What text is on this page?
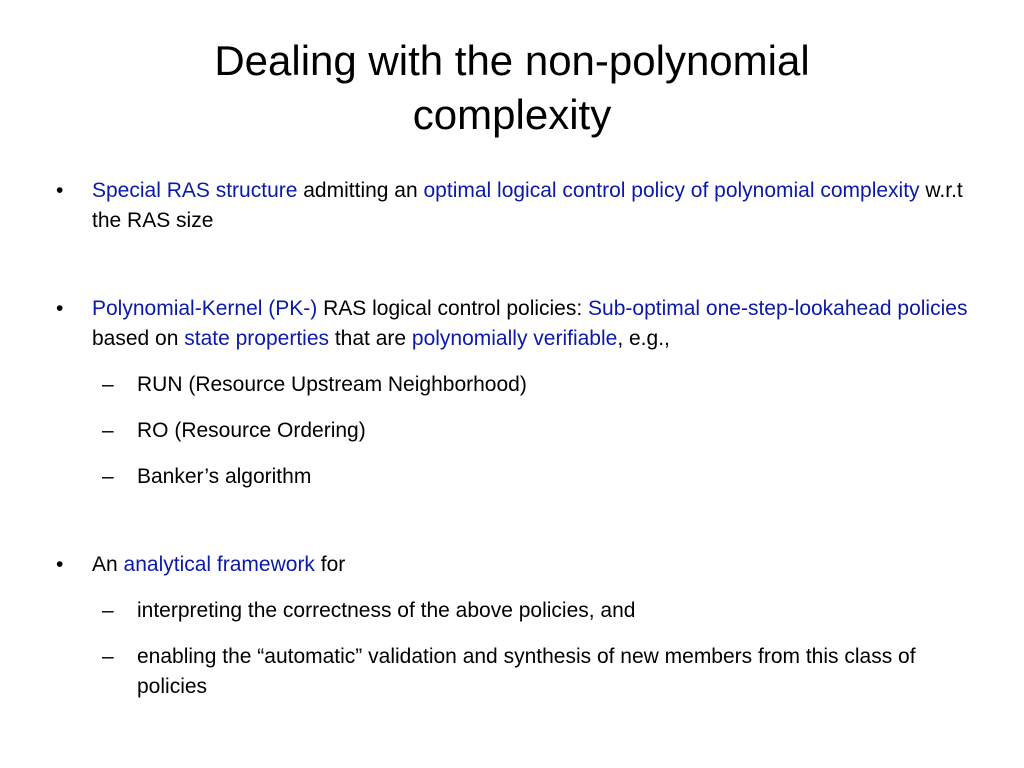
Dealing with the non-polynomial
complexity
•	Special RAS structure admitting an optimal logical control policy of polynomial complexity w.r.t the RAS size
•	Polynomial-Kernel (PK-) RAS logical control policies: Sub-optimal one-step-lookahead policies based on state properties that are polynomially verifiable, e.g.,
– RUN (Resource Upstream Neighborhood)
– RO (Resource Ordering)
– Banker’s algorithm
•	An analytical framework for
– interpreting the correctness of the above policies, and
– enabling the “automatic” validation and synthesis of new members from this class of policies
